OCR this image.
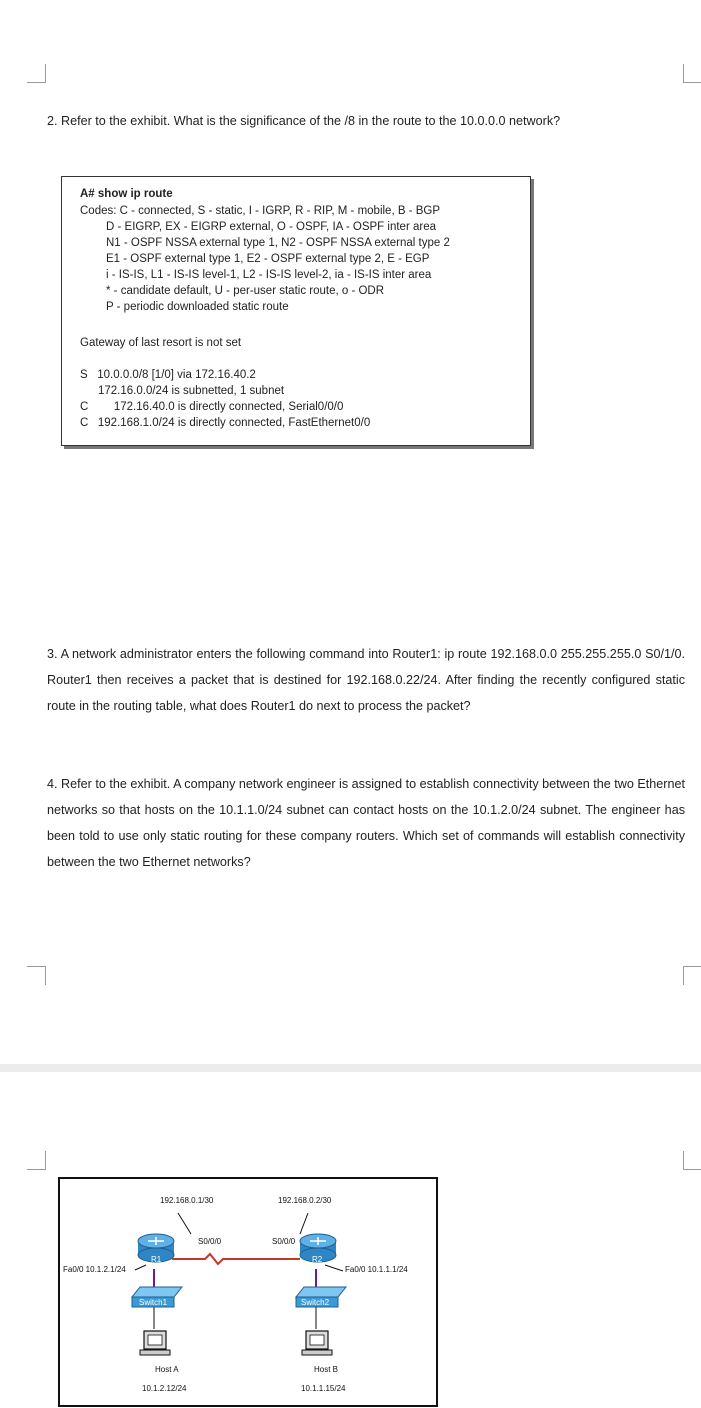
2. Refer to the exhibit. What is the significance of the /8 in the route to the 10.0.0.0 network?
A# show ip route
Codes: C - connected, S - static, I - IGRP, R - RIP, M - mobile, B - BGP
D - EIGRP, EX - EIGRP external, O - OSPF, IA - OSPF inter area
N1 - OSPF NSSA external type 1, N2 - OSPF NSSA external type 2
E1 - OSPF external type 1, E2 - OSPF external type 2, E - EGP
i - IS-IS, L1 - IS-IS level-1, L2 - IS-IS level-2, ia - IS-IS inter area
* - candidate default, U - per-user static route, o - ODR
P - periodic downloaded static route
Gateway of last resort is not set
S   10.0.0.0/8 [1/0] via 172.16.40.2
172.16.0.0/24 is subnetted, 1 subnet
C        172.16.40.0 is directly connected, Serial0/0/0
C   192.168.1.0/24 is directly connected, FastEthernet0/0
3. A network administrator enters the following command into Router1: ip route 192.168.0.0 255.255.255.0 S0/1/0. Router1 then receives a packet that is destined for 192.168.0.22/24. After finding the recently configured static route in the routing table, what does Router1 do next to process the packet?
4. Refer to the exhibit. A company network engineer is assigned to establish connectivity between the two Ethernet networks so that hosts on the 10.1.1.0/24 subnet can contact hosts on the 10.1.2.0/24 subnet. The engineer has been told to use only static routing for these company routers. Which set of commands will establish connectivity between the two Ethernet networks?
192.168.0.1/30	192.168.0.2/30
S0/0/0	S0/0/0
R1	R2
Fa0/0 10.1.2.1/24	Fa0/0 10.1.1.1/24
Switch1	Switch2
Host A
10.1.2.12/24
Host B
10.1.1.15/24
